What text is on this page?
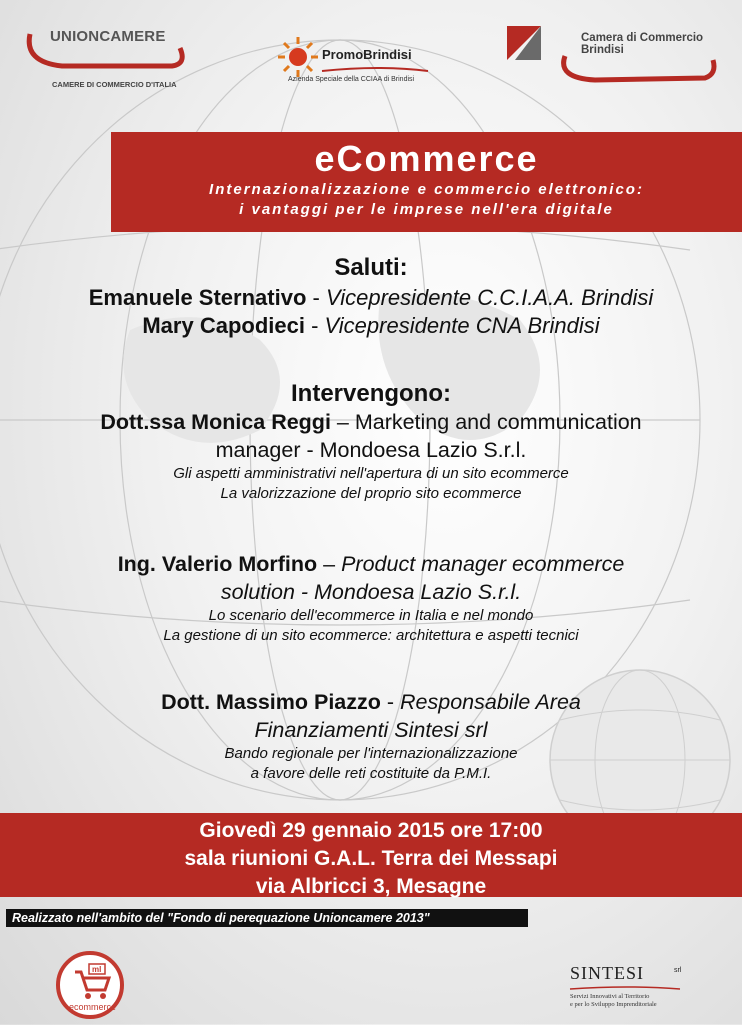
UNIONCAMERE
CAMERE DI COMMERCIO D'ITALIA
PromoBrindisi
Azienda Speciale della CCIAA di Brindisi
Camera di Commercio
Brindisi
eCommerce
Internazionalizzazione e commercio elettronico:
i vantaggi per le imprese nell'era digitale
Saluti:
Emanuele Sternativo - Vicepresidente C.C.I.A.A. Brindisi
Mary Capodieci - Vicepresidente CNA Brindisi
Intervengono:
Dott.ssa Monica Reggi – Marketing and communication
manager - Mondoesa Lazio S.r.l.
Gli aspetti amministrativi nell'apertura di un sito ecommerce
La valorizzazione del proprio sito ecommerce
Ing. Valerio Morfino – Product manager ecommerce
solution - Mondoesa Lazio S.r.l.
Lo scenario dell'ecommerce in Italia e nel mondo
La gestione di un sito ecommerce: architettura e aspetti tecnici
Dott. Massimo Piazzo - Responsabile Area
Finanziamenti Sintesi srl
Bando regionale per l'internazionalizzazione
a favore delle reti costituite da P.M.I.
Giovedì 29 gennaio 2015 ore 17:00
sala riunioni G.A.L. Terra dei Messapi
via Albricci 3, Mesagne
Realizzato nell'ambito del "Fondo di perequazione Unioncamere 2013"
ml
ecommerce
SINTESI	srl
Servizi Innovativi al Territorio
e per lo Sviluppo Imprenditoriale
